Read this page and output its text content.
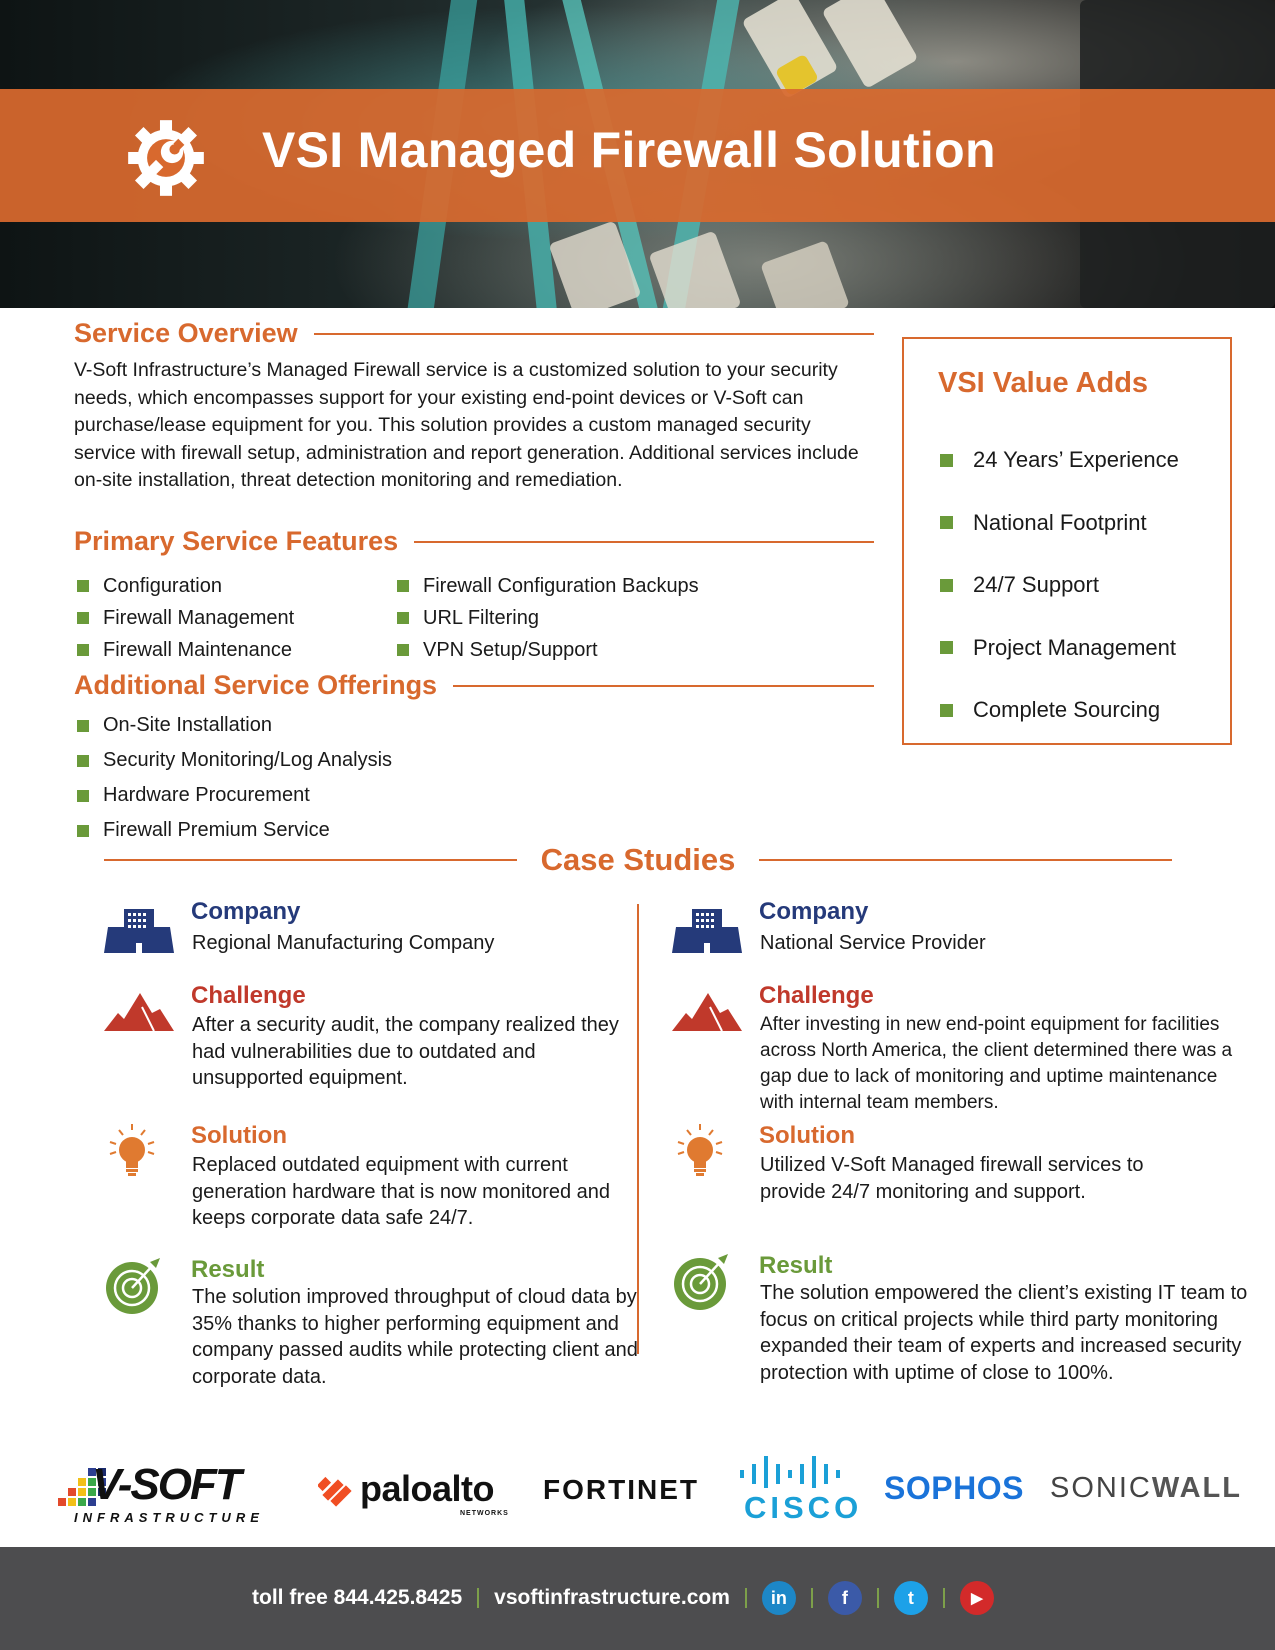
VSI Managed Firewall Solution
Service Overview

V-Soft Infrastructure’s Managed Firewall service is a customized solution to your security needs, which encompasses support for your existing end-point devices or V-Soft can purchase/lease equipment for you. This solution provides a custom managed security service with firewall setup, administration and report generation. Additional services include on-site installation, threat detection monitoring and remediation.

Primary Service Features
Configuration
Firewall Management
Firewall Maintenance
Firewall Configuration Backups
URL Filtering
VPN Setup/Support
Additional Service Offerings
On-Site Installation
Security Monitoring/Log Analysis
Hardware Procurement
Firewall Premium Service
VSI Value Adds
24 Years’ Experience
National Footprint
24/7 Support
Project Management
Complete Sourcing
Case Studies
Company
Regional Manufacturing Company
Challenge

After a security audit, the company realized they had vulnerabilities due to outdated and unsupported equipment.

Solution

Replaced outdated equipment with current generation hardware that is now monitored and keeps corporate data safe 24/7.

Result

The solution improved throughput of cloud data by 35% thanks to higher performing equipment and company passed audits while protecting client and corporate data.

Company
National Service Provider
Challenge

After investing in new end-point equipment for facilities across North America, the client determined there was a gap due to lack of monitoring and uptime maintenance with internal team members.

Solution

Utilized V-Soft Managed firewall services to provide 24/7 monitoring and support.

Result

The solution empowered the client’s existing IT team to focus on critical projects while third party monitoring expanded their team of experts and increased security protection with uptime of close to 100%.

V-SOFT
INFRASTRUCTURE
paloalto
NETWORKS
FORTINET
CISCO
SOPHOS SONICWALL
toll free 844.425.8425 vsoftinfrastructure.com	in	f	t	▶
